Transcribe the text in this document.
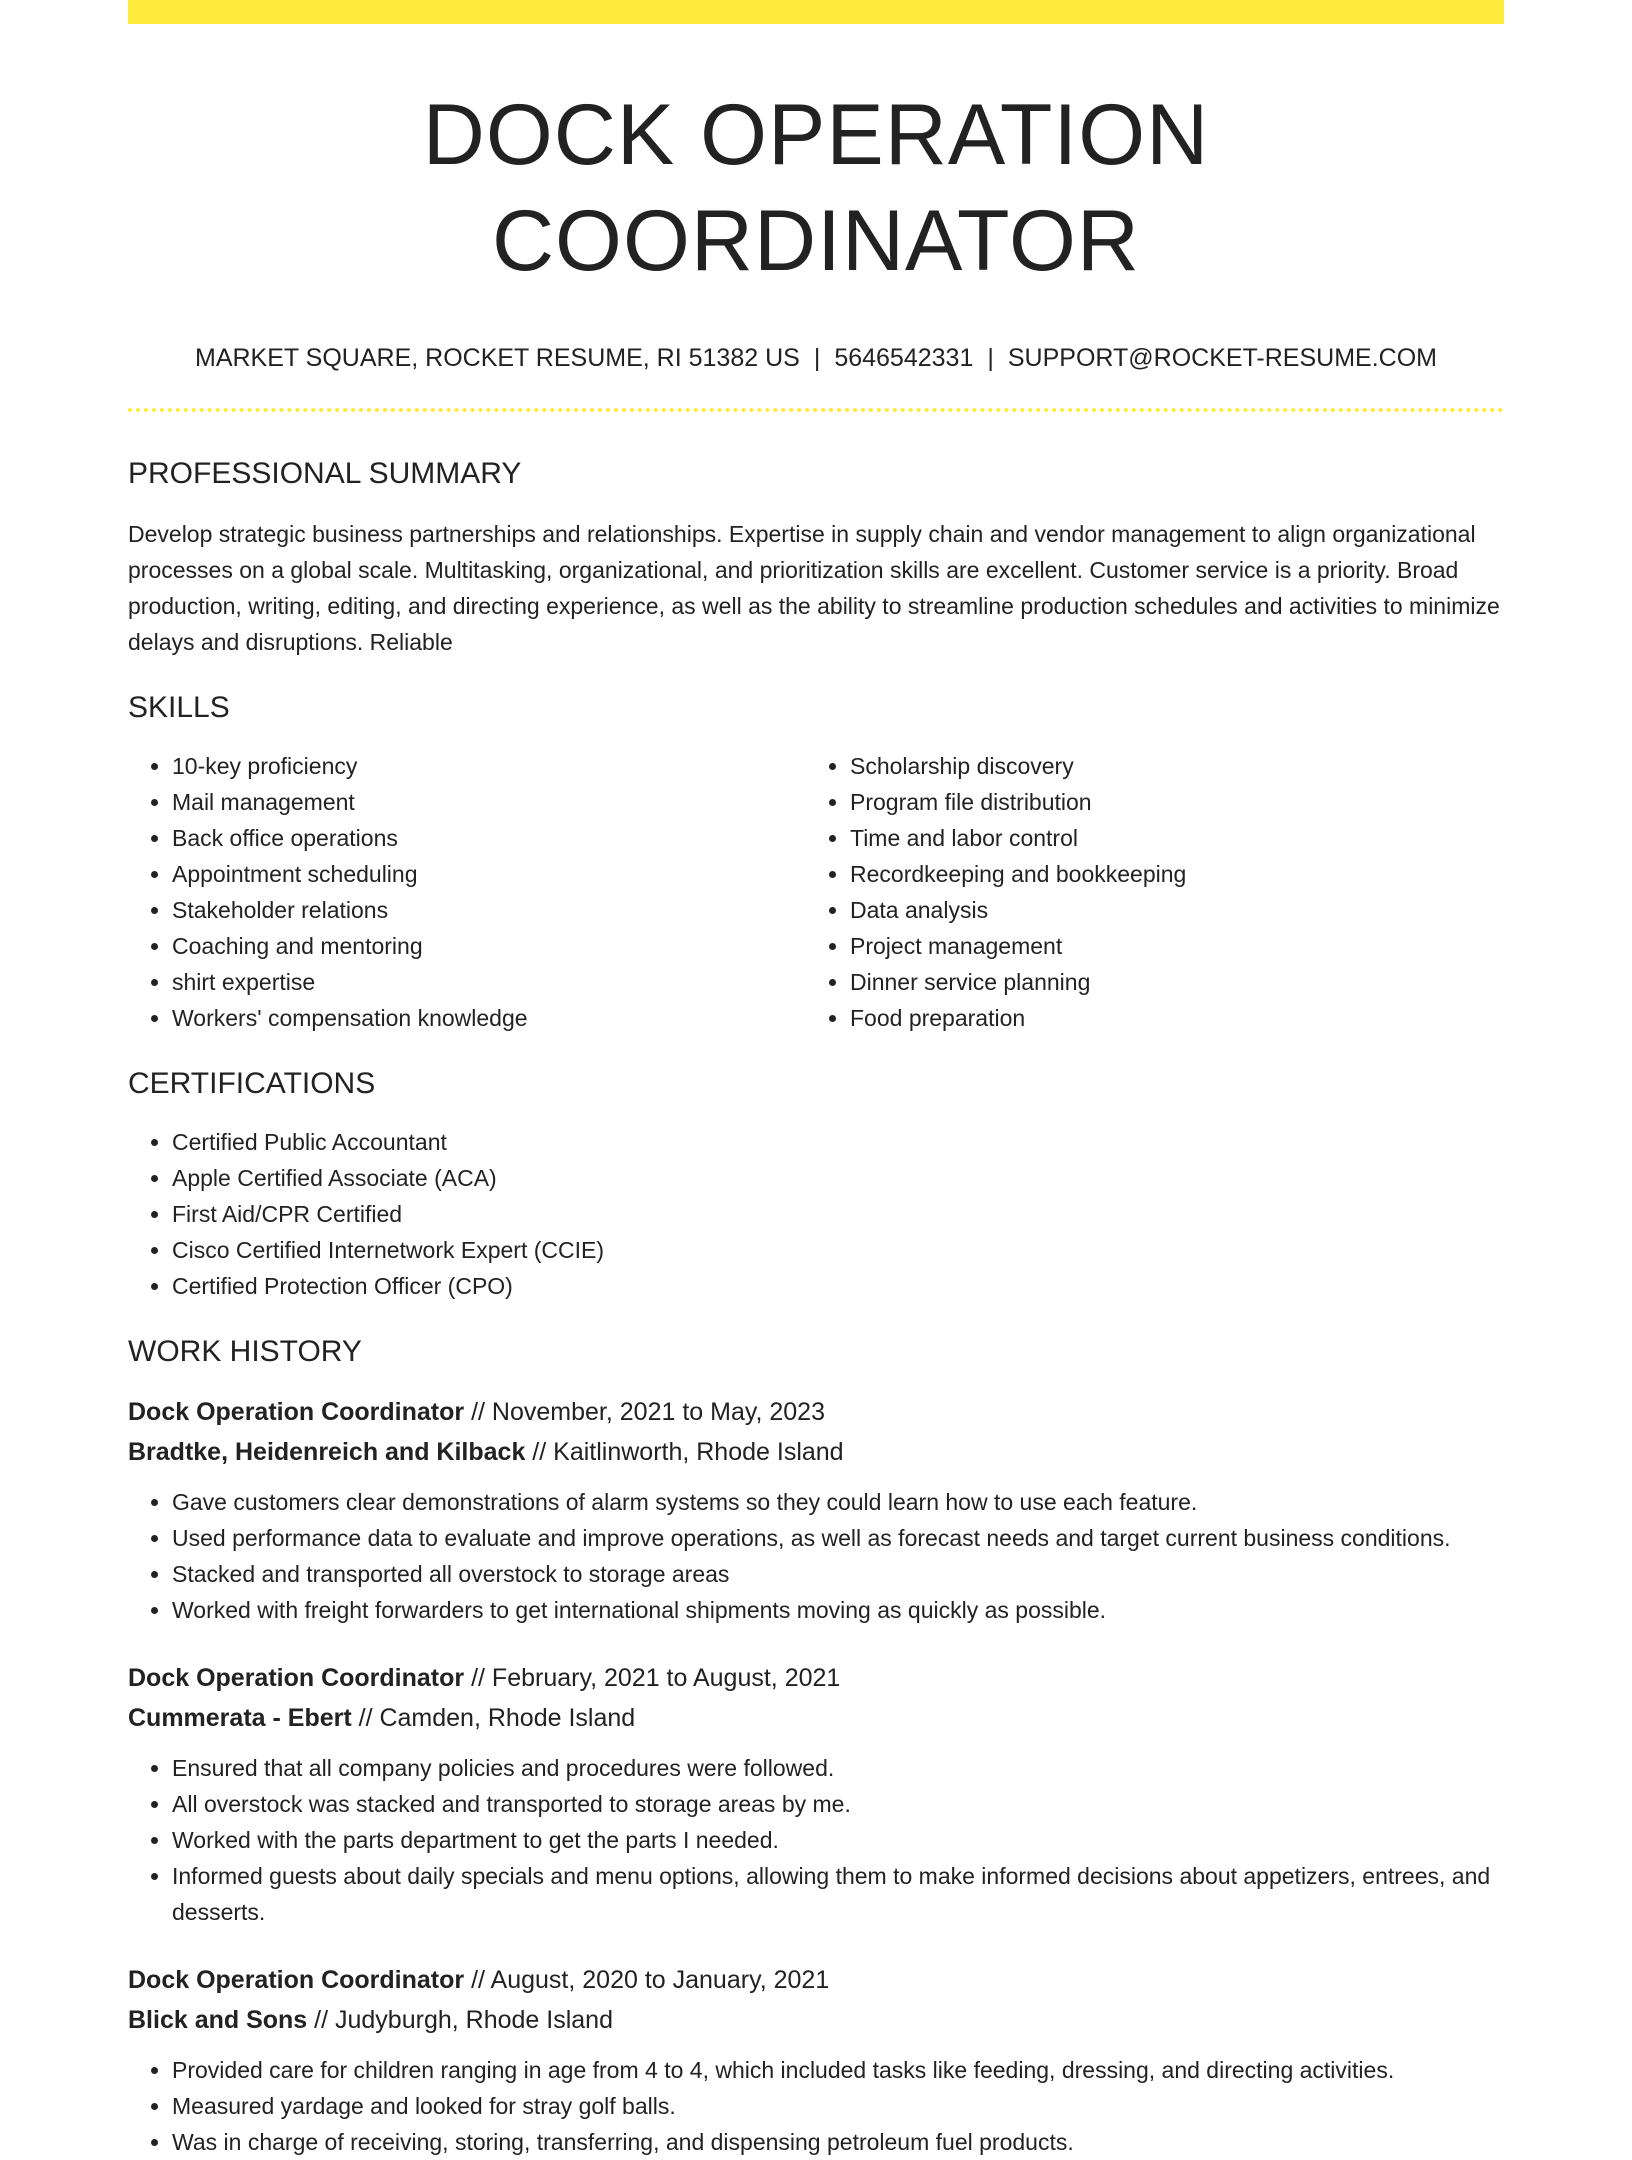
DOCK OPERATION COORDINATOR
MARKET SQUARE, ROCKET RESUME, RI 51382 US | 5646542331 | SUPPORT@ROCKET-RESUME.COM
PROFESSIONAL SUMMARY

Develop strategic business partnerships and relationships. Expertise in supply chain and vendor management to align organizational processes on a global scale. Multitasking, organizational, and prioritization skills are excellent. Customer service is a priority. Broad production, writing, editing, and directing experience, as well as the ability to streamline production schedules and activities to minimize delays and disruptions. Reliable

SKILLS
• 10-key proficiency
• Mail management
• Back office operations
• Appointment scheduling
• Stakeholder relations
• Coaching and mentoring
• shirt expertise
• Workers' compensation knowledge
• Scholarship discovery
• Program file distribution
• Time and labor control
• Recordkeeping and bookkeeping
• Data analysis
• Project management
• Dinner service planning
• Food preparation
CERTIFICATIONS
• Certified Public Accountant
• Apple Certified Associate (ACA)
• First Aid/CPR Certified
• Cisco Certified Internetwork Expert (CCIE)
• Certified Protection Officer (CPO)
WORK HISTORY
Dock Operation Coordinator // November, 2021 to May, 2023
Bradtke, Heidenreich and Kilback // Kaitlinworth, Rhode Island
• Gave customers clear demonstrations of alarm systems so they could learn how to use each feature.
• Used performance data to evaluate and improve operations, as well as forecast needs and target current business conditions.
• Stacked and transported all overstock to storage areas
• Worked with freight forwarders to get international shipments moving as quickly as possible.
Dock Operation Coordinator // February, 2021 to August, 2021
Cummerata - Ebert // Camden, Rhode Island
• Ensured that all company policies and procedures were followed.
• All overstock was stacked and transported to storage areas by me.
• Worked with the parts department to get the parts I needed.
• Informed guests about daily specials and menu options, allowing them to make informed decisions about appetizers, entrees, and desserts.
Dock Operation Coordinator // August, 2020 to January, 2021
Blick and Sons // Judyburgh, Rhode Island
• Provided care for children ranging in age from 4 to 4, which included tasks like feeding, dressing, and directing activities.
• Measured yardage and looked for stray golf balls.
• Was in charge of receiving, storing, transferring, and dispensing petroleum fuel products.
